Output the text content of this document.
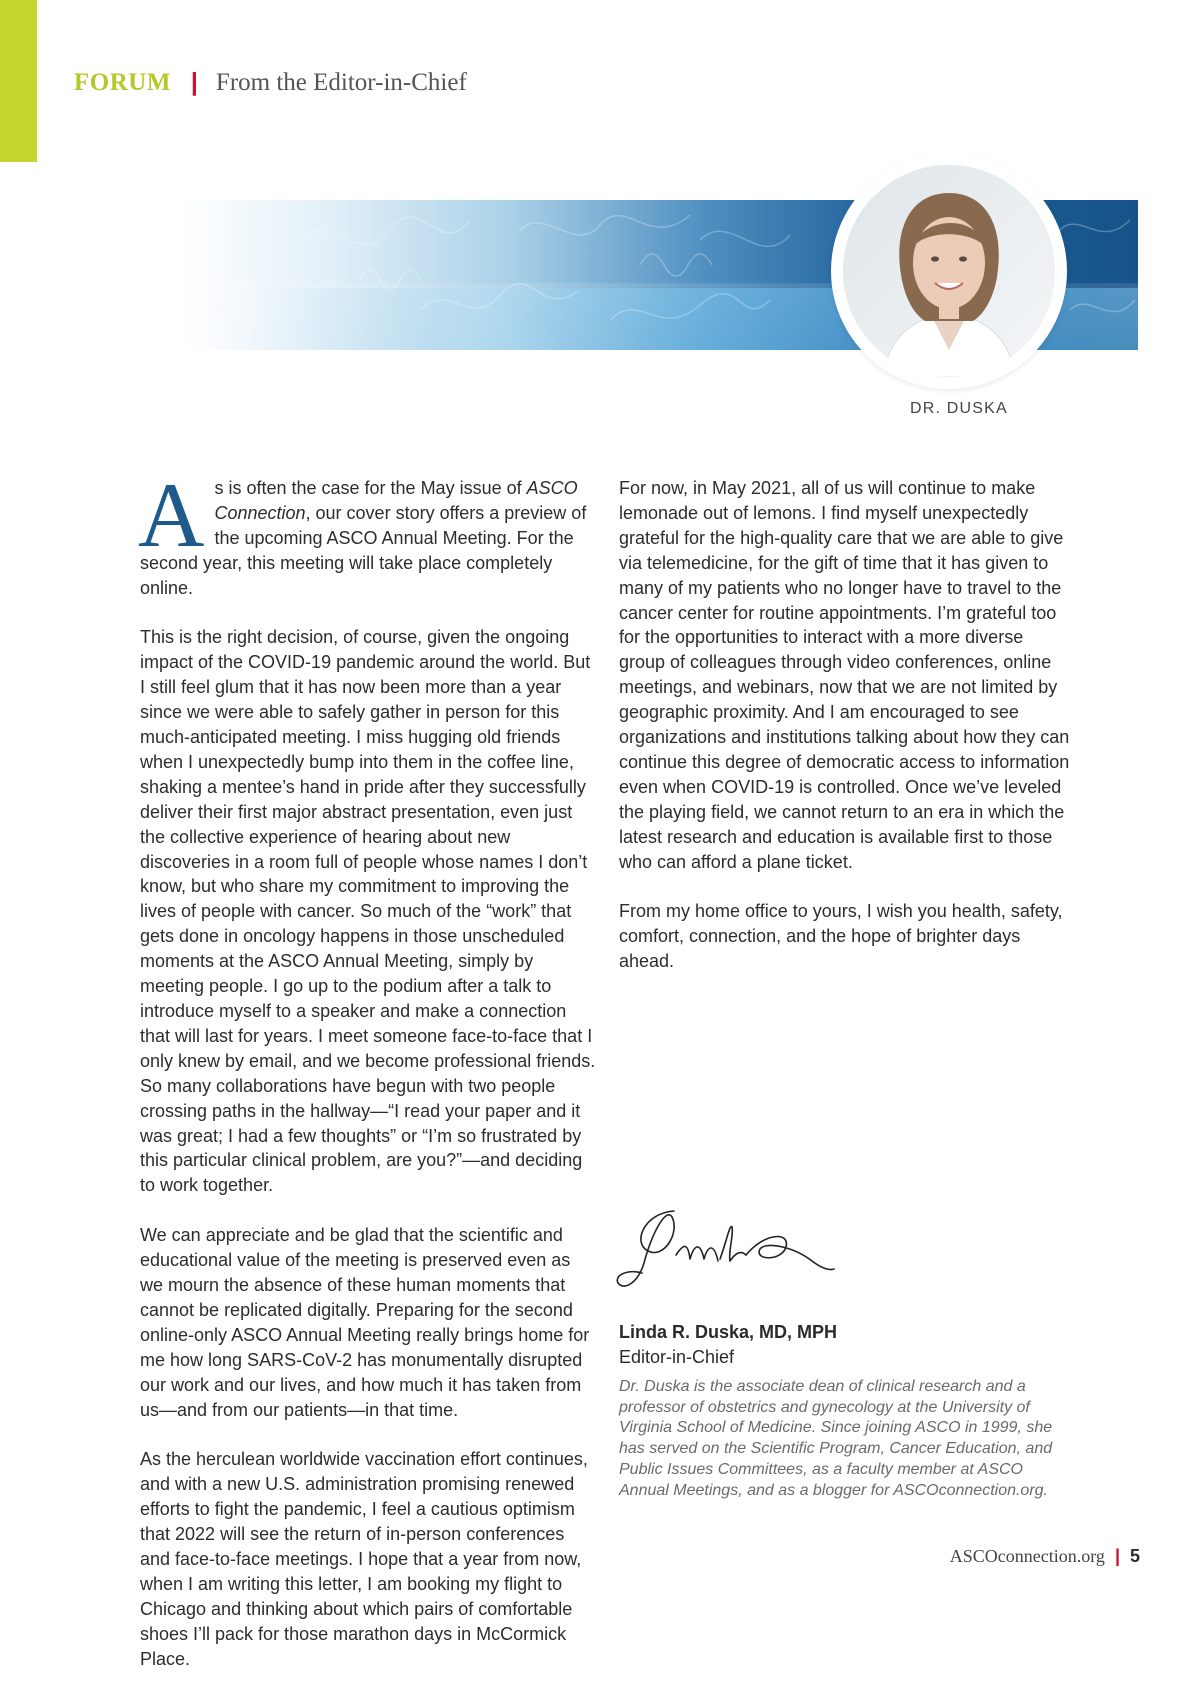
FORUM | From the Editor-in-Chief
DR. DUSKA

As is often the case for the May issue of ASCO Connection, our cover story offers a preview of the upcoming ASCO Annual Meeting. For the second year, this meeting will take place completely online.

This is the right decision, of course, given the ongoing impact of the COVID-19 pandemic around the world. But I still feel glum that it has now been more than a year since we were able to safely gather in person for this much-anticipated meeting. I miss hugging old friends when I unexpectedly bump into them in the coffee line, shaking a mentee’s hand in pride after they successfully deliver their first major abstract presentation, even just the collective experience of hearing about new discoveries in a room full of people whose names I don’t know, but who share my commitment to improving the lives of people with cancer. So much of the “work” that gets done in oncology happens in those unscheduled moments at the ASCO Annual Meeting, simply by meeting people. I go up to the podium after a talk to introduce myself to a speaker and make a connection that will last for years. I meet someone face-to-face that I only knew by email, and we become professional friends. So many collaborations have begun with two people crossing paths in the hallway—“I read your paper and it was great; I had a few thoughts” or “I’m so frustrated by this particular clinical problem, are you?”—and deciding to work together.

We can appreciate and be glad that the scientific and educational value of the meeting is preserved even as we mourn the absence of these human moments that cannot be replicated digitally. Preparing for the second online-only ASCO Annual Meeting really brings home for me how long SARS-CoV-2 has monumentally disrupted our work and our lives, and how much it has taken from us—and from our patients—in that time.

As the herculean worldwide vaccination effort continues, and with a new U.S. administration promising renewed efforts to fight the pandemic, I feel a cautious optimism that 2022 will see the return of in-person conferences and face-to-face meetings. I hope that a year from now, when I am writing this letter, I am booking my flight to Chicago and thinking about which pairs of comfortable shoes I’ll pack for those marathon days in McCormick Place.

For now, in May 2021, all of us will continue to make lemonade out of lemons. I find myself unexpectedly grateful for the high-quality care that we are able to give via telemedicine, for the gift of time that it has given to many of my patients who no longer have to travel to the cancer center for routine appointments. I’m grateful too for the opportunities to interact with a more diverse group of colleagues through video conferences, online meetings, and webinars, now that we are not limited by geographic proximity. And I am encouraged to see organizations and institutions talking about how they can continue this degree of democratic access to information even when COVID-19 is controlled. Once we’ve leveled the playing field, we cannot return to an era in which the latest research and education is available first to those who can afford a plane ticket.

From my home office to yours, I wish you health, safety, comfort, connection, and the hope of brighter days ahead.

Linda R. Duska, MD, MPH
Editor-in-Chief
Dr. Duska is the associate dean of clinical research and a professor of obstetrics and gynecology at the University of Virginia School of Medicine. Since joining ASCO in 1999, she has served on the Scientific Program, Cancer Education, and Public Issues Committees, as a faculty member at ASCO Annual Meetings, and as a blogger for ASCOconnection.org.
ASCOconnection.org | 5
